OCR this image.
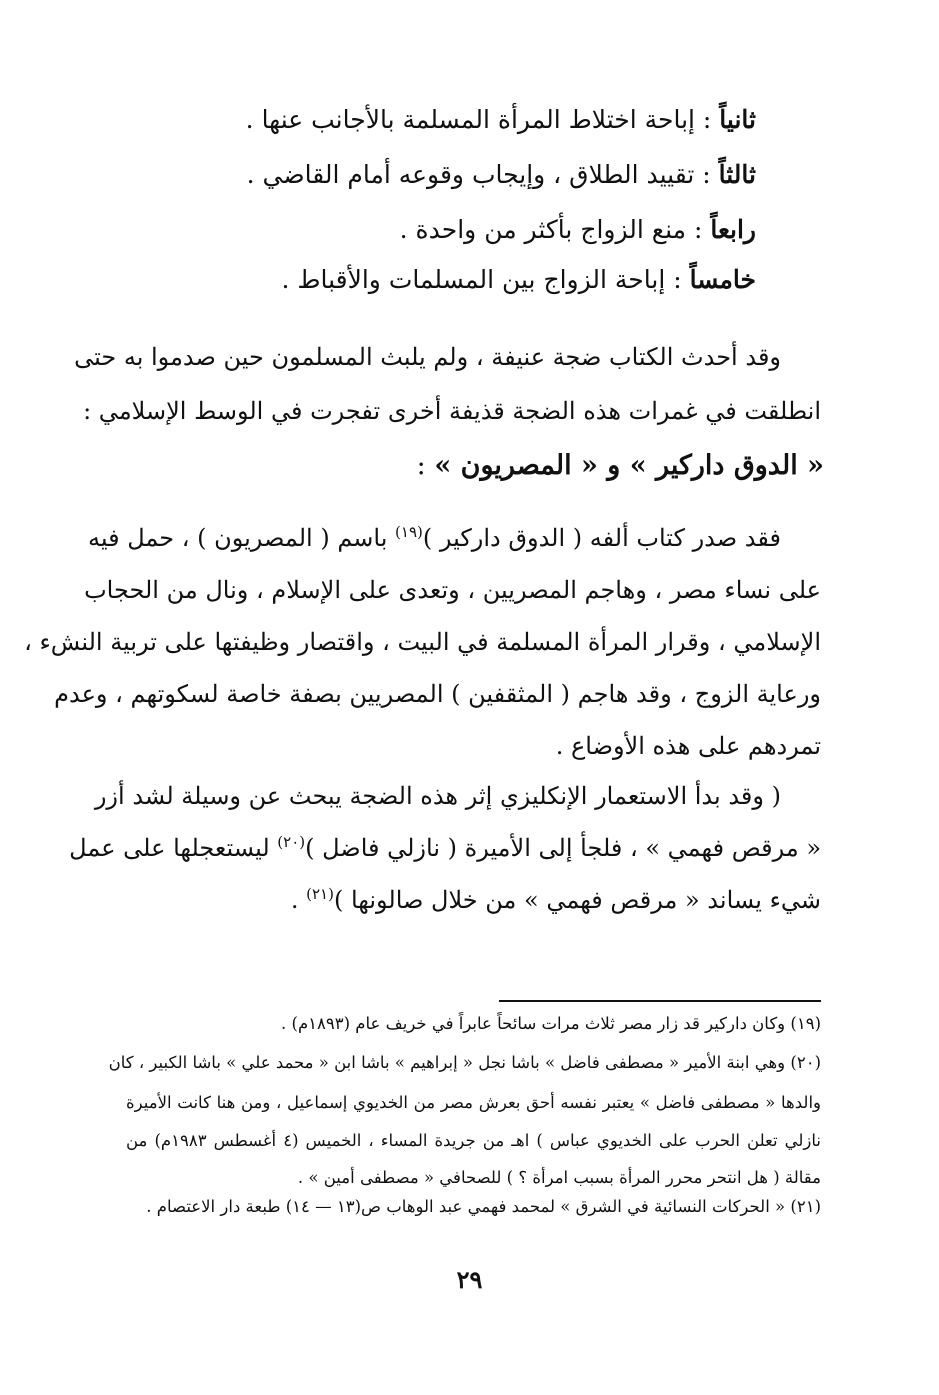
ثانياً : إباحة اختلاط المرأة المسلمة بالأجانب عنها .
ثالثاً : تقييد الطلاق ، وإيجاب وقوعه أمام القاضي .
رابعاً : منع الزواج بأكثر من واحدة .
خامساً : إباحة الزواج بين المسلمات والأقباط .
وقد أحدث الكتاب ضجة عنيفة ، ولم يلبث المسلمون حين صدموا به حتى
انطلقت في غمرات هذه الضجة قذيفة أخرى تفجرت في الوسط الإسلامي :
« الدوق داركير » و « المصريون » :
فقد صدر كتاب ألفه ( الدوق داركير )$^{(١٩)}$ باسم ( المصريون ) ، حمل فيه
على نساء مصر ، وهاجم المصريين ، وتعدى على الإسلام ، ونال من الحجاب
الإسلامي ، وقرار المرأة المسلمة في البيت ، واقتصار وظيفتها على تربية النشء ،
ورعاية الزوج ، وقد هاجم ( المثقفين ) المصريين بصفة خاصة لسكوتهم ، وعدم
تمردهم على هذه الأوضاع .
( وقد بدأ الاستعمار الإنكليزي إثر هذه الضجة يبحث عن وسيلة لشد أزر
« مرقص فهمي » ، فلجأ إلى الأميرة ( نازلي فاضل )$^{(٢٠)}$ ليستعجلها على عمل
شيء يساند « مرقص فهمي » من خلال صالونها )$^{(٢١)}$ .
(١٩) وكان داركير قد زار مصر ثلاث مرات سائحاً عابراً في خريف عام (١٨٩٣م) .
(٢٠) وهي ابنة الأمير « مصطفى فاضل » باشا نجل « إبراهيم » باشا ابن « محمد علي » باشا الكبير ، كان
والدها « مصطفى فاضل » يعتبر نفسه أحق بعرش مصر من الخديوي إسماعيل ، ومن هنا كانت الأميرة
نازلي تعلن الحرب على الخديوي عباس ) اهـ من جريدة المساء ، الخميس (٤ أغسطس ١٩٨٣م) من
مقالة ( هل انتحر محرر المرأة بسبب امرأة ؟ ) للصحافي « مصطفى أمين » .
(٢١) « الحركات النسائية في الشرق » لمحمد فهمي عبد الوهاب ص(١٣ — ١٤) طبعة دار الاعتصام .
٢٩
